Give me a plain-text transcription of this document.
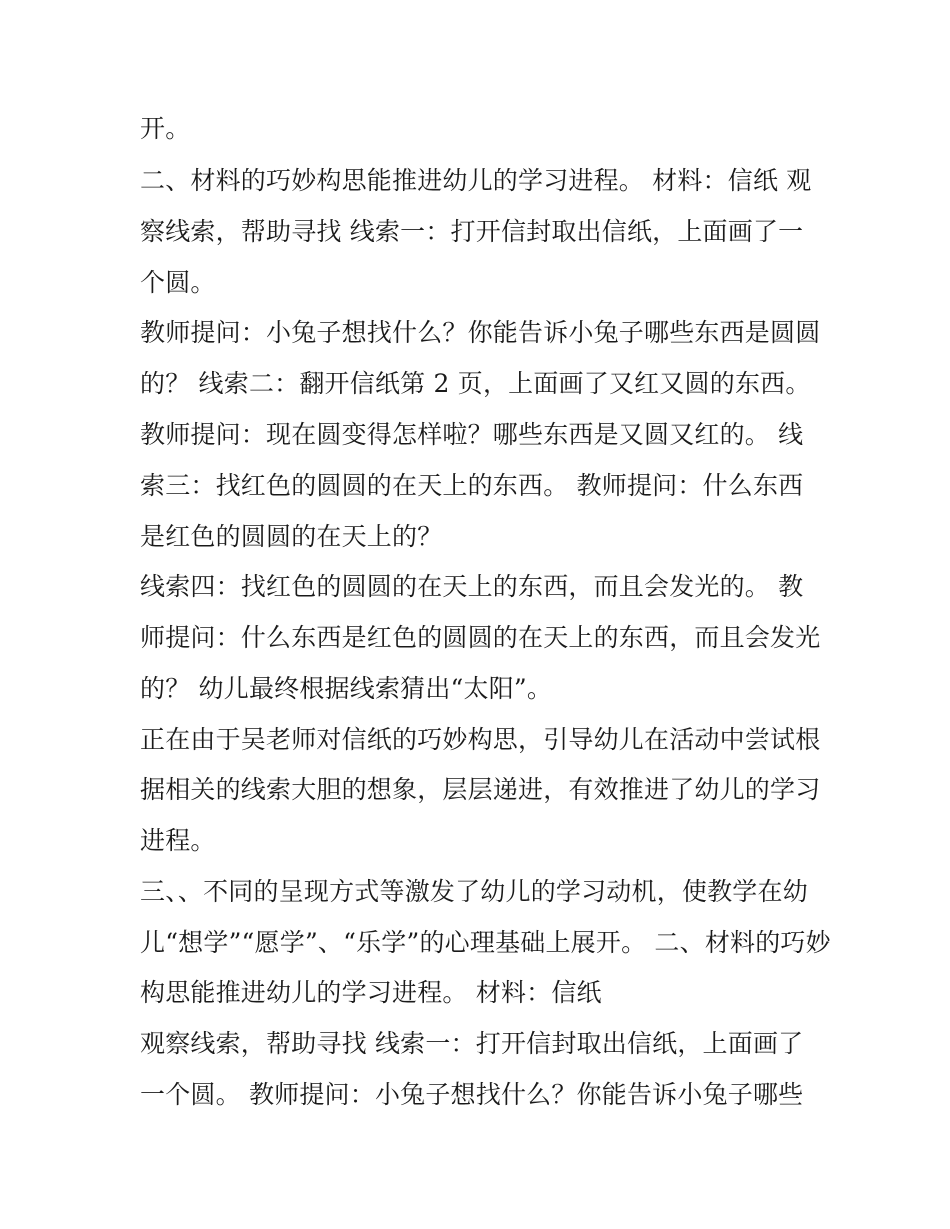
开。
二、材料的巧妙构思能推进幼儿的学习进程。 材料：信纸 观
察线索，帮助寻找 线索一：打开信封取出信纸，上面画了一
个圆。
教师提问：小兔子想找什么？你能告诉小兔子哪些东西是圆圆
的？ 线索二：翻开信纸第 2 页，上面画了又红又圆的东西。
教师提问：现在圆变得怎样啦？哪些东西是又圆又红的。 线
索三：找红色的圆圆的在天上的东西。 教师提问：什么东西
是红色的圆圆的在天上的？
线索四：找红色的圆圆的在天上的东西，而且会发光的。 教
师提问：什么东西是红色的圆圆的在天上的东西，而且会发光
的？ 幼儿最终根据线索猜出“太阳”。
正在由于吴老师对信纸的巧妙构思，引导幼儿在活动中尝试根
据相关的线索大胆的想象，层层递进，有效推进了幼儿的学习
进程。
三、、不同的呈现方式等激发了幼儿的学习动机，使教学在幼
儿“想学”“愿学”、“乐学”的心理基础上展开。 二、材料的巧妙
构思能推进幼儿的学习进程。 材料：信纸
观察线索，帮助寻找 线索一：打开信封取出信纸，上面画了
一个圆。 教师提问：小兔子想找什么？你能告诉小兔子哪些
